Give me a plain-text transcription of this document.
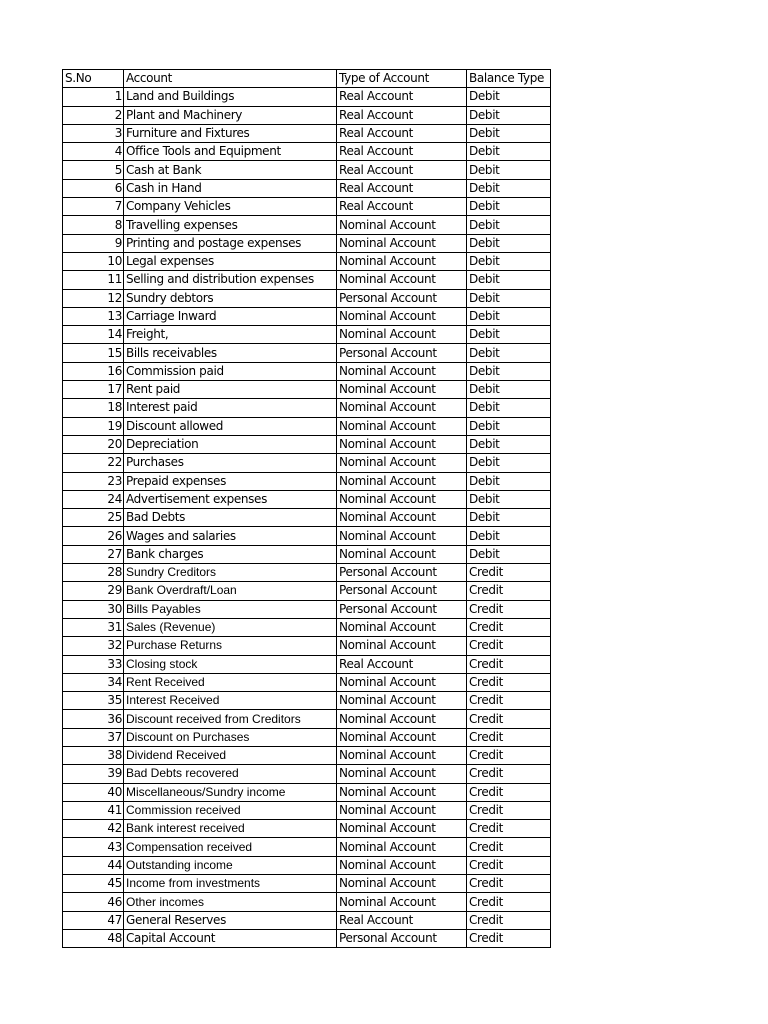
S.No	Account	Type of Account	Balance Type
1	Land and Buildings	Real Account	Debit
2	Plant and Machinery	Real Account	Debit
3	Furniture and Fixtures	Real Account	Debit
4	Office Tools and Equipment	Real Account	Debit
5	Cash at Bank	Real Account	Debit
6	Cash in Hand	Real Account	Debit
7	Company Vehicles	Real Account	Debit
8	Travelling expenses	Nominal Account	Debit
9	Printing and postage expenses	Nominal Account	Debit
10	Legal expenses	Nominal Account	Debit
11	Selling and distribution expenses	Nominal Account	Debit
12	Sundry debtors	Personal Account	Debit
13	Carriage Inward	Nominal Account	Debit
14	Freight,	Nominal Account	Debit
15	Bills receivables	Personal Account	Debit
16	Commission paid	Nominal Account	Debit
17	Rent paid	Nominal Account	Debit
18	Interest paid	Nominal Account	Debit
19	Discount allowed	Nominal Account	Debit
20	Depreciation	Nominal Account	Debit
22	Purchases	Nominal Account	Debit
23	Prepaid expenses	Nominal Account	Debit
24	Advertisement expenses	Nominal Account	Debit
25	Bad Debts	Nominal Account	Debit
26	Wages and salaries	Nominal Account	Debit
27	Bank charges	Nominal Account	Debit
28	Sundry Creditors	Personal Account	Credit
29	Bank Overdraft/Loan	Personal Account	Credit
30	Bills Payables	Personal Account	Credit
31	Sales (Revenue)	Nominal Account	Credit
32	Purchase Returns	Nominal Account	Credit
33	Closing stock	Real Account	Credit
34	Rent Received	Nominal Account	Credit
35	Interest Received	Nominal Account	Credit
36	Discount received from Creditors	Nominal Account	Credit
37	Discount on Purchases	Nominal Account	Credit
38	Dividend Received	Nominal Account	Credit
39	Bad Debts recovered	Nominal Account	Credit
40	Miscellaneous/Sundry income	Nominal Account	Credit
41	Commission received	Nominal Account	Credit
42	Bank interest received	Nominal Account	Credit
43	Compensation received	Nominal Account	Credit
44	Outstanding income	Nominal Account	Credit
45	Income from investments	Nominal Account	Credit
46	Other incomes	Nominal Account	Credit
47	General Reserves	Real Account	Credit
48	Capital Account	Personal Account	Credit
